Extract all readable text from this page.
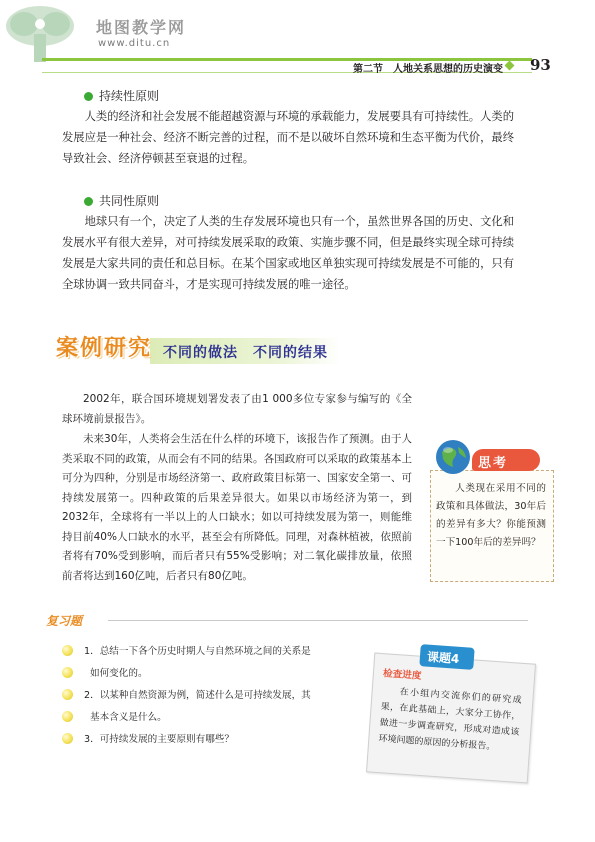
地图教学网
www.ditu.cn
第二节　人地关系思想的历史演变 93
持续性原则

人类的经济和社会发展不能超越资源与环境的承载能力，发展要具有可持续性。人类的发展应是一种社会、经济不断完善的过程，而不是以破坏自然环境和生态平衡为代价，最终导致社会、经济停顿甚至衰退的过程。

共同性原则

地球只有一个，决定了人类的生存发展环境也只有一个，虽然世界各国的历史、文化和发展水平有很大差异，对可持续发展采取的政策、实施步骤不同，但是最终实现全球可持续发展是大家共同的责任和总目标。在某个国家或地区单独实现可持续发展是不可能的，只有全球协调一致共同奋斗，才是实现可持续发展的唯一途径。

案例研究 不同的做法　不同的结果

2002年，联合国环境规划署发表了由1 000多位专家参与编写的《全球环境前景报告》。

未来30年，人类将会生活在什么样的环境下，该报告作了预测。由于人类采取不同的政策，从而会有不同的结果。各国政府可以采取的政策基本上可分为四种，分别是市场经济第一、政府政策目标第一、国家安全第一、可持续发展第一。四种政策的后果差异很大。如果以市场经济为第一，到2032年，全球将有一半以上的人口缺水；如以可持续发展为第一，则能维持目前40%人口缺水的水平，甚至会有所降低。同理，对森林植被，依照前者将有70%受到影响，而后者只有55%受影响；对二氧化碳排放量，依照前者将达到160亿吨，后者只有80亿吨。

思考

人类现在采用不同的政策和具体做法，30年后的差异有多大？你能预测一下100年后的差异吗？

复习题
1．总结一下各个历史时期人与自然环境之间的关系是
如何变化的。
2．以某种自然资源为例，简述什么是可持续发展，其
基本含义是什么。
3．可持续发展的主要原则有哪些？
课题4
检查进度

在小组内交流你们的研究成果，在此基础上，大家分工协作，做进一步调查研究，形成对造成该环境问题的原因的分析报告。
